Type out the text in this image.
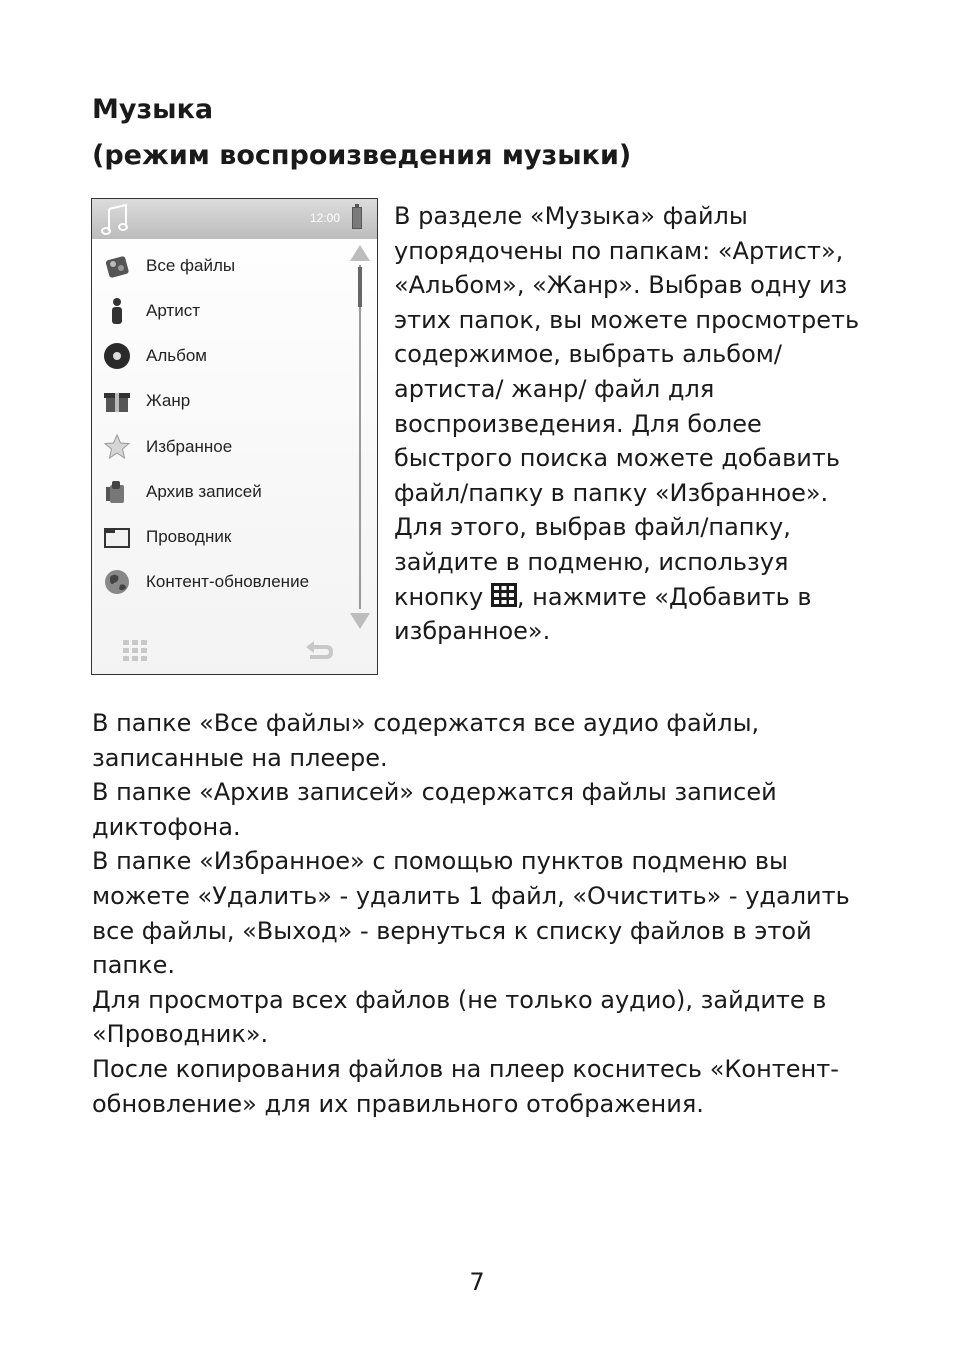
Музыка
(режим воспроизведения музыки)
12:00
Все файлы
Артист
Альбом
Жанр
Избранное
Архив записей
Проводник
Контент-обновление
В разделе «Музыка» файлы упорядочены по папкам: «Артист», «Альбом», «Жанр». Выбрав одну из этих папок, вы можете просмотреть содержимое, выбрать альбом/ артиста/ жанр/ файл для воспроизведения. Для более быстрого поиска можете добавить файл/папку в папку «Избранное». Для этого, выбрав файл/папку, зайдите в подменю, используя кнопку , нажмите «Добавить в избранное».

В папке «Все файлы» содержатся все аудио файлы, записанные на плеере.

В папке «Архив записей» содержатся файлы записей диктофона.

В папке «Избранное» с помощью пунктов подменю вы можете «Удалить» - удалить 1 файл, «Очистить» - удалить все файлы, «Выход» - вернуться к списку файлов в этой папке.

Для просмотра всех файлов (не только аудио), зайдите в «Проводник».

После копирования файлов на плеер коснитесь «Контент-обновление» для их правильного отображения.

7
